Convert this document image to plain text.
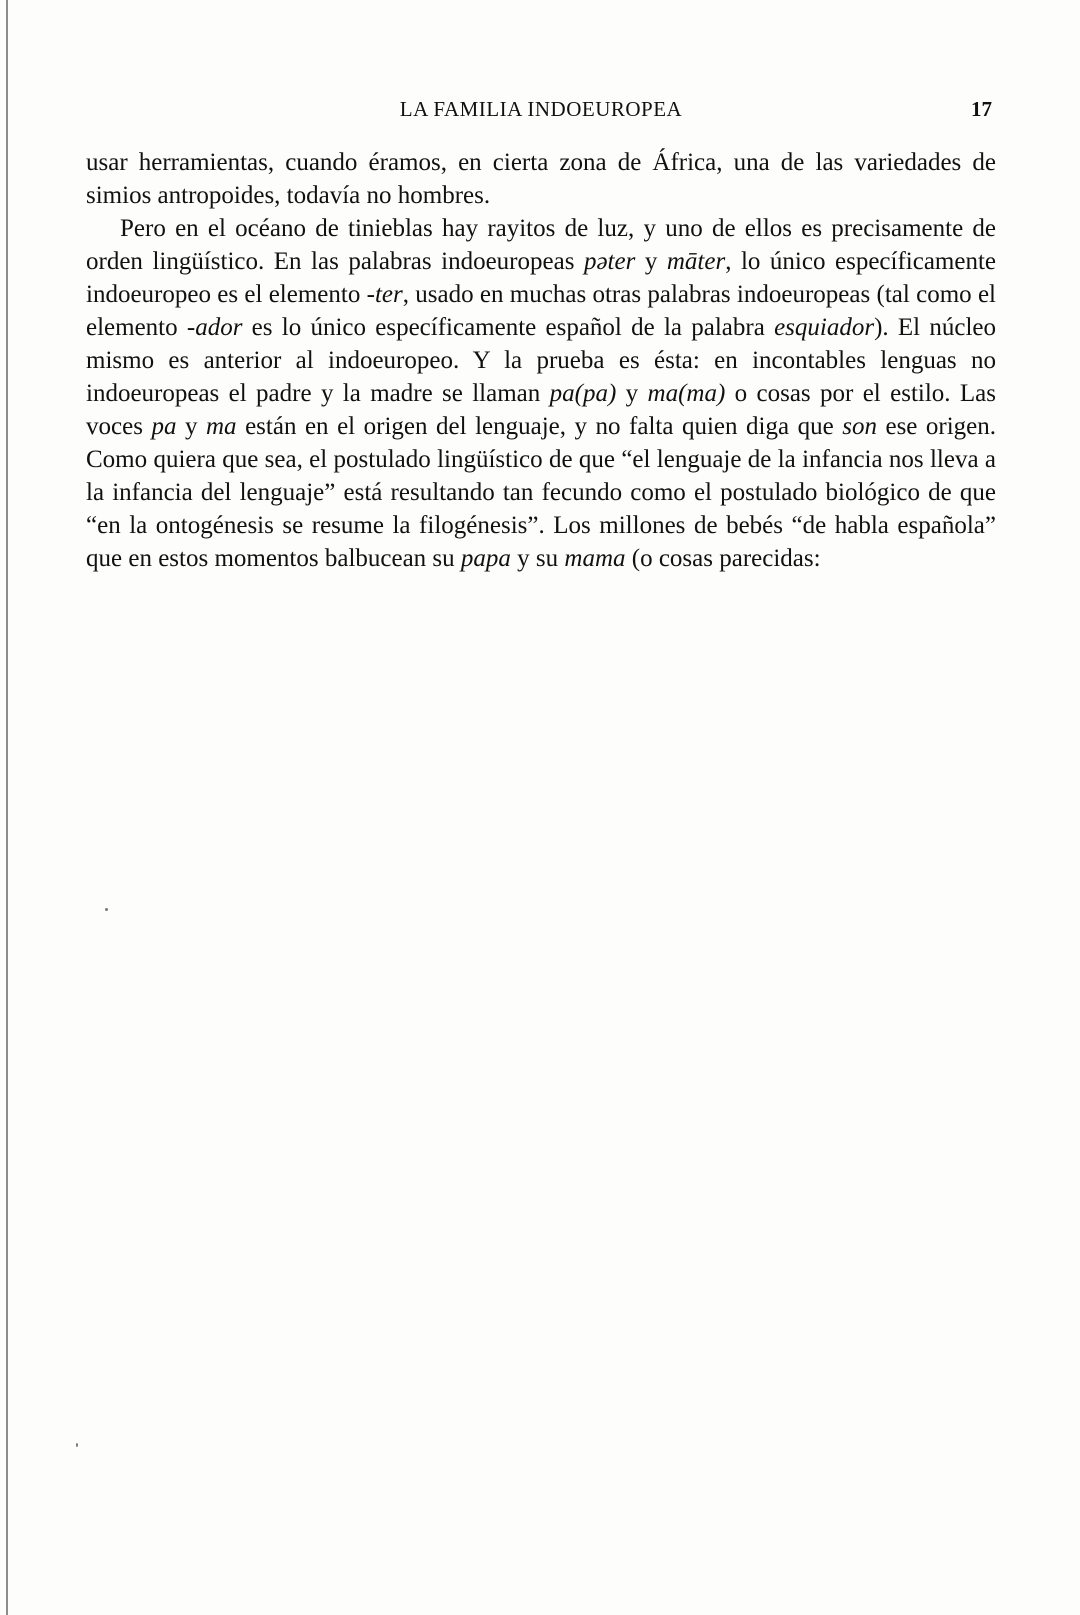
LA FAMILIA INDOEUROPEA	17

usar herramientas, cuando éramos, en cierta zona de África, una de las variedades de simios antropoides, todavía no hombres.

Pero en el océano de tinieblas hay rayitos de luz, y uno de ellos es precisamente de orden lingüístico. En las palabras indoeuropeas pəter y māter, lo único específicamente indoeuropeo es el elemento -ter, usado en muchas otras palabras indoeuropeas (tal como el elemento -ador es lo único específicamente español de la palabra esquiador). El núcleo mismo es anterior al indoeuropeo. Y la prueba es ésta: en incontables lenguas no indoeuropeas el padre y la madre se llaman pa(pa) y ma(ma) o cosas por el estilo. Las voces pa y ma están en el origen del lenguaje, y no falta quien diga que son ese origen. Como quiera que sea, el postulado lingüístico de que “el lenguaje de la infancia nos lleva a la infancia del lenguaje” está resultando tan fecundo como el postulado biológico de que “en la ontogénesis se resume la filogénesis”. Los millones de bebés “de habla española” que en estos momentos balbucean su papa y su mama (o cosas parecidas:
